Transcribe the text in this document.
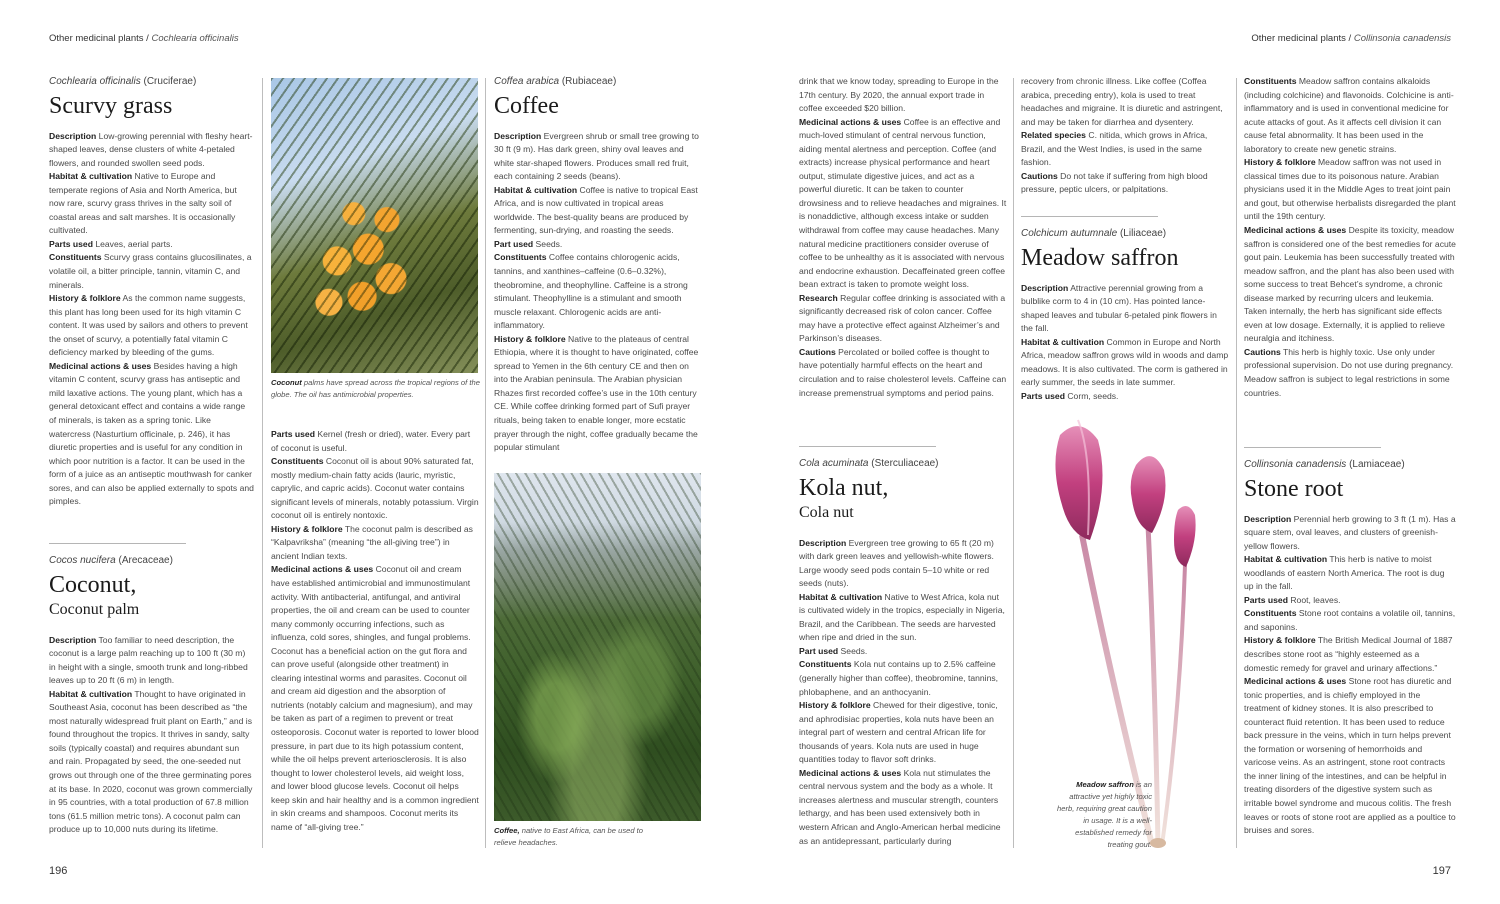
Other medicinal plants / Cochlearia officinalis	Other medicinal plants / Collinsonia canadensis
Cochlearia officinalis (Cruciferae)
Scurvy grass

Description Low-growing perennial with fleshy heart-shaped leaves, dense clusters of white 4-petaled flowers, and rounded swollen seed pods.
Habitat & cultivation Native to Europe and temperate regions of Asia and North America, but now rare, scurvy grass thrives in the salty soil of coastal areas and salt marshes. It is occasionally cultivated.
Parts used Leaves, aerial parts.
Constituents Scurvy grass contains glucosilinates, a volatile oil, a bitter principle, tannin, vitamin C, and minerals.
History & folklore As the common name suggests, this plant has long been used for its high vitamin C content. It was used by sailors and others to prevent the onset of scurvy, a potentially fatal vitamin C deficiency marked by bleeding of the gums.
Medicinal actions & uses Besides having a high vitamin C content, scurvy grass has antiseptic and mild laxative actions. The young plant, which has a general detoxicant effect and contains a wide range of minerals, is taken as a spring tonic. Like watercress (Nasturtium officinale, p. 246), it has diuretic properties and is useful for any condition in which poor nutrition is a factor. It can be used in the form of a juice as an antiseptic mouthwash for canker sores, and can also be applied externally to spots and pimples.

Cocos nucifera (Arecaceae)
Coconut,
Coconut palm

Description Too familiar to need description, the coconut is a large palm reaching up to 100 ft (30 m) in height with a single, smooth trunk and long-ribbed leaves up to 20 ft (6 m) in length.
Habitat & cultivation Thought to have originated in Southeast Asia, coconut has been described as “the most naturally widespread fruit plant on Earth,” and is found throughout the tropics. It thrives in sandy, salty soils (typically coastal) and requires abundant sun and rain. Propagated by seed, the one-seeded nut grows out through one of the three germinating pores at its base. In 2020, coconut was grown commercially in 95 countries, with a total production of 67.8 million tons (61.5 million metric tons). A coconut palm can produce up to 10,000 nuts during its lifetime.

Coconut palms have spread across the tropical regions of the globe. The oil has antimicrobial properties.

Parts used Kernel (fresh or dried), water. Every part of coconut is useful.
Constituents Coconut oil is about 90% saturated fat, mostly medium-chain fatty acids (lauric, myristic, caprylic, and capric acids). Coconut water contains significant levels of minerals, notably potassium. Virgin coconut oil is entirely nontoxic.
History & folklore The coconut palm is described as “Kalpavriksha” (meaning “the all-giving tree”) in ancient Indian texts.
Medicinal actions & uses Coconut oil and cream have established antimicrobial and immunostimulant activity. With antibacterial, antifungal, and antiviral properties, the oil and cream can be used to counter many commonly occurring infections, such as influenza, cold sores, shingles, and fungal problems. Coconut has a beneficial action on the gut flora and can prove useful (alongside other treatment) in clearing intestinal worms and parasites. Coconut oil and cream aid digestion and the absorption of nutrients (notably calcium and magnesium), and may be taken as part of a regimen to prevent or treat osteoporosis. Coconut water is reported to lower blood pressure, in part due to its high potassium content, while the oil helps prevent arteriosclerosis. It is also thought to lower cholesterol levels, aid weight loss, and lower blood glucose levels. Coconut oil helps keep skin and hair healthy and is a common ingredient in skin creams and shampoos. Coconut merits its name of “all-giving tree.”

Coffea arabica (Rubiaceae)
Coffee

Description Evergreen shrub or small tree growing to 30 ft (9 m). Has dark green, shiny oval leaves and white star-shaped flowers. Produces small red fruit, each containing 2 seeds (beans).
Habitat & cultivation Coffee is native to tropical East Africa, and is now cultivated in tropical areas worldwide. The best-quality beans are produced by fermenting, sun-drying, and roasting the seeds.
Part used Seeds.
Constituents Coffee contains chlorogenic acids, tannins, and xanthines–caffeine (0.6–0.32%), theobromine, and theophylline. Caffeine is a strong stimulant. Theophylline is a stimulant and smooth muscle relaxant. Chlorogenic acids are anti-inflammatory.
History & folklore Native to the plateaus of central Ethiopia, where it is thought to have originated, coffee spread to Yemen in the 6th century CE and then on into the Arabian peninsula. The Arabian physician Rhazes first recorded coffee’s use in the 10th century CE. While coffee drinking formed part of Sufi prayer rituals, being taken to enable longer, more ecstatic prayer through the night, coffee gradually became the popular stimulant

Coffee, native to East Africa, can be used to relieve headaches.

drink that we know today, spreading to Europe in the 17th century. By 2020, the annual export trade in coffee exceeded $20 billion.
Medicinal actions & uses Coffee is an effective and much-loved stimulant of central nervous function, aiding mental alertness and perception. Coffee (and extracts) increase physical performance and heart output, stimulate digestive juices, and act as a powerful diuretic. It can be taken to counter drowsiness and to relieve headaches and migraines. It is nonaddictive, although excess intake or sudden withdrawal from coffee may cause headaches. Many natural medicine practitioners consider overuse of coffee to be unhealthy as it is associated with nervous and endocrine exhaustion. Decaffeinated green coffee bean extract is taken to promote weight loss.
Research Regular coffee drinking is associated with a significantly decreased risk of colon cancer. Coffee may have a protective effect against Alzheimer’s and Parkinson’s diseases.
Cautions Percolated or boiled coffee is thought to have potentially harmful effects on the heart and circulation and to raise cholesterol levels. Caffeine can increase premenstrual symptoms and period pains.

Cola acuminata (Sterculiaceae)
Kola nut,
Cola nut

Description Evergreen tree growing to 65 ft (20 m) with dark green leaves and yellowish-white flowers. Large woody seed pods contain 5–10 white or red seeds (nuts).
Habitat & cultivation Native to West Africa, kola nut is cultivated widely in the tropics, especially in Nigeria, Brazil, and the Caribbean. The seeds are harvested when ripe and dried in the sun.
Part used Seeds.
Constituents Kola nut contains up to 2.5% caffeine (generally higher than coffee), theobromine, tannins, phlobaphene, and an anthocyanin.
History & folklore Chewed for their digestive, tonic, and aphrodisiac properties, kola nuts have been an integral part of western and central African life for thousands of years. Kola nuts are used in huge quantities today to flavor soft drinks.
Medicinal actions & uses Kola nut stimulates the central nervous system and the body as a whole. It increases alertness and muscular strength, counters lethargy, and has been used extensively both in western African and Anglo-American herbal medicine as an antidepressant, particularly during

recovery from chronic illness. Like coffee (Coffea arabica, preceding entry), kola is used to treat headaches and migraine. It is diuretic and astringent, and may be taken for diarrhea and dysentery.
Related species C. nitida, which grows in Africa, Brazil, and the West Indies, is used in the same fashion.
Cautions Do not take if suffering from high blood pressure, peptic ulcers, or palpitations.

Colchicum autumnale (Liliaceae)
Meadow saffron

Description Attractive perennial growing from a bulblike corm to 4 in (10 cm). Has pointed lance-shaped leaves and tubular 6-petaled pink flowers in the fall.
Habitat & cultivation Common in Europe and North Africa, meadow saffron grows wild in woods and damp meadows. It is also cultivated. The corm is gathered in early summer, the seeds in late summer.
Parts used Corm, seeds.

Meadow saffron is an attractive yet highly toxic herb, requiring great caution in usage. It is a well-established remedy for treating gout.

Constituents Meadow saffron contains alkaloids (including colchicine) and flavonoids. Colchicine is anti-inflammatory and is used in conventional medicine for acute attacks of gout. As it affects cell division it can cause fetal abnormality. It has been used in the laboratory to create new genetic strains.
History & folklore Meadow saffron was not used in classical times due to its poisonous nature. Arabian physicians used it in the Middle Ages to treat joint pain and gout, but otherwise herbalists disregarded the plant until the 19th century.
Medicinal actions & uses Despite its toxicity, meadow saffron is considered one of the best remedies for acute gout pain. Leukemia has been successfully treated with meadow saffron, and the plant has also been used with some success to treat Behcet’s syndrome, a chronic disease marked by recurring ulcers and leukemia. Taken internally, the herb has significant side effects even at low dosage. Externally, it is applied to relieve neuralgia and itchiness.
Cautions This herb is highly toxic. Use only under professional supervision. Do not use during pregnancy. Meadow saffron is subject to legal restrictions in some countries.

Collinsonia canadensis (Lamiaceae)
Stone root

Description Perennial herb growing to 3 ft (1 m). Has a square stem, oval leaves, and clusters of greenish-yellow flowers.
Habitat & cultivation This herb is native to moist woodlands of eastern North America. The root is dug up in the fall.
Parts used Root, leaves.
Constituents Stone root contains a volatile oil, tannins, and saponins.
History & folklore The British Medical Journal of 1887 describes stone root as “highly esteemed as a domestic remedy for gravel and urinary affections.”
Medicinal actions & uses Stone root has diuretic and tonic properties, and is chiefly employed in the treatment of kidney stones. It is also prescribed to counteract fluid retention. It has been used to reduce back pressure in the veins, which in turn helps prevent the formation or worsening of hemorrhoids and varicose veins. As an astringent, stone root contracts the inner lining of the intestines, and can be helpful in treating disorders of the digestive system such as irritable bowel syndrome and mucous colitis. The fresh leaves or roots of stone root are applied as a poultice to bruises and sores.

196	197
